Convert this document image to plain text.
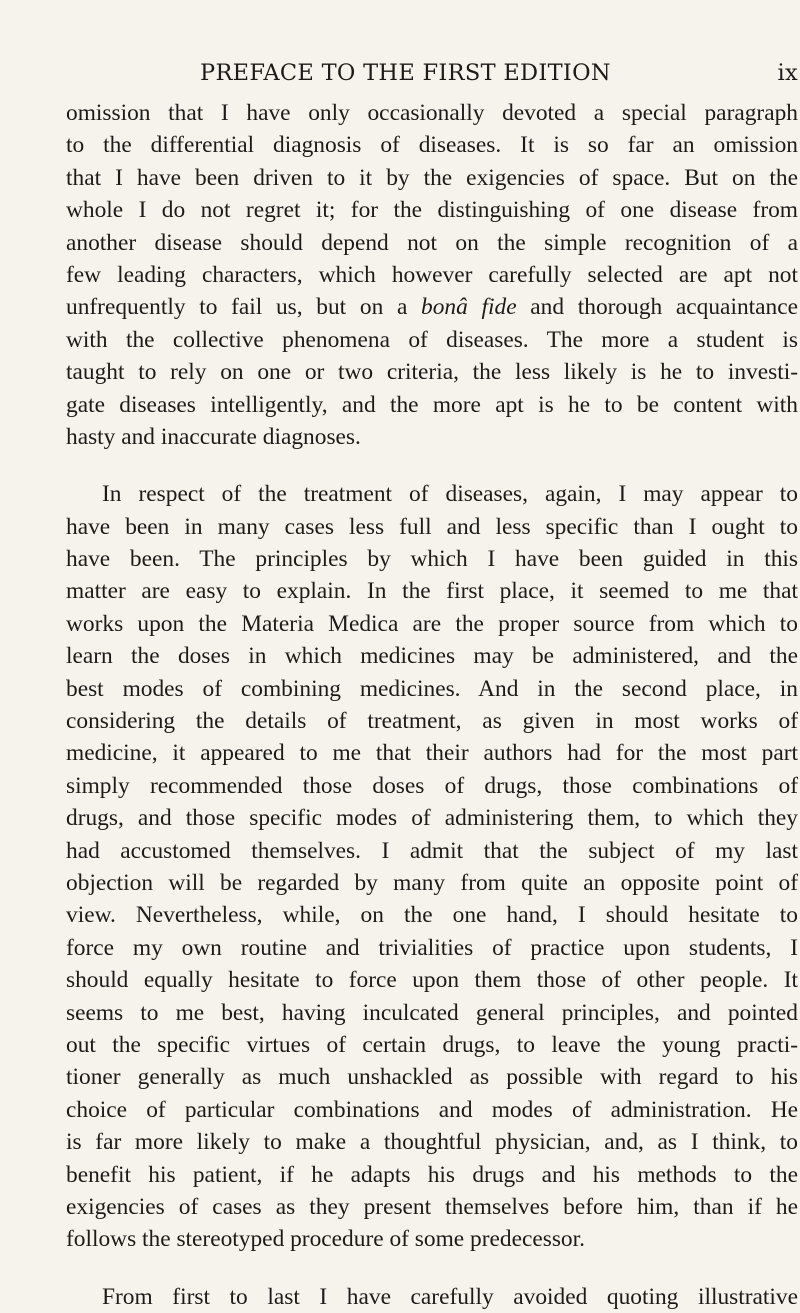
PREFACE TO THE FIRST EDITION	ix
omission that I have only occasionally devoted a special paragraph
to the differential diagnosis of diseases. It is so far an omission
that I have been driven to it by the exigencies of space. But on the
whole I do not regret it; for the distinguishing of one disease from
another disease should depend not on the simple recognition of a
few leading characters, which however carefully selected are apt not
unfrequently to fail us, but on a bonâ fide and thorough acquaintance
with the collective phenomena of diseases. The more a student is
taught to rely on one or two criteria, the less likely is he to investi-
gate diseases intelligently, and the more apt is he to be content with
hasty and inaccurate diagnoses.
In respect of the treatment of diseases, again, I may appear to
have been in many cases less full and less specific than I ought to
have been. The principles by which I have been guided in this
matter are easy to explain. In the first place, it seemed to me that
works upon the Materia Medica are the proper source from which to
learn the doses in which medicines may be administered, and the
best modes of combining medicines. And in the second place, in
considering the details of treatment, as given in most works of
medicine, it appeared to me that their authors had for the most part
simply recommended those doses of drugs, those combinations of
drugs, and those specific modes of administering them, to which they
had accustomed themselves. I admit that the subject of my last
objection will be regarded by many from quite an opposite point of
view. Nevertheless, while, on the one hand, I should hesitate to
force my own routine and trivialities of practice upon students, I
should equally hesitate to force upon them those of other people. It
seems to me best, having inculcated general principles, and pointed
out the specific virtues of certain drugs, to leave the young practi-
tioner generally as much unshackled as possible with regard to his
choice of particular combinations and modes of administration. He
is far more likely to make a thoughtful physician, and, as I think, to
benefit his patient, if he adapts his drugs and his methods to the
exigencies of cases as they present themselves before him, than if he
follows the stereotyped procedure of some predecessor.
From first to last I have carefully avoided quoting illustrative
